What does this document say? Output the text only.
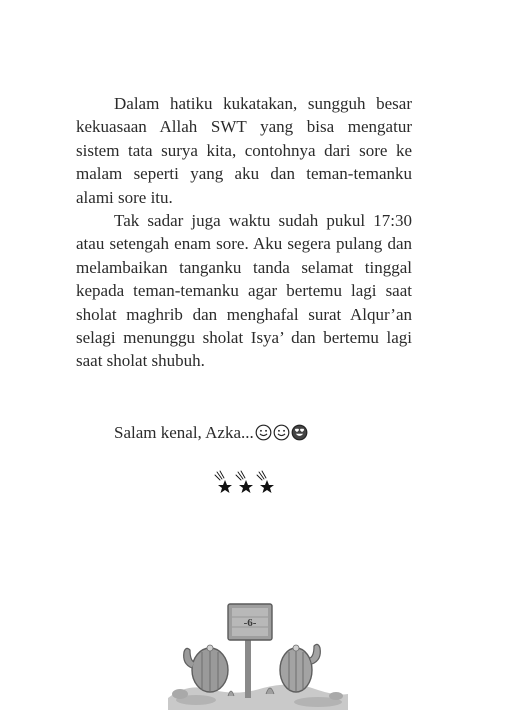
Dalam hatiku kukatakan, sungguh besar kekuasaan Allah SWT yang bisa mengatur sistem tata surya kita, contohnya dari sore ke malam seperti yang aku dan teman-temanku alami sore itu.

Tak sadar juga waktu sudah pukul 17:30 atau setengah enam sore. Aku segera pulang dan melambaikan tanganku tanda selamat tinggal kepada teman-temanku agar bertemu lagi saat sholat maghrib dan menghafal surat Alqur’an selagi menunggu sholat Isya’ dan bertemu lagi saat sholat shubuh.

Salam kenal, Azka...
-6-
